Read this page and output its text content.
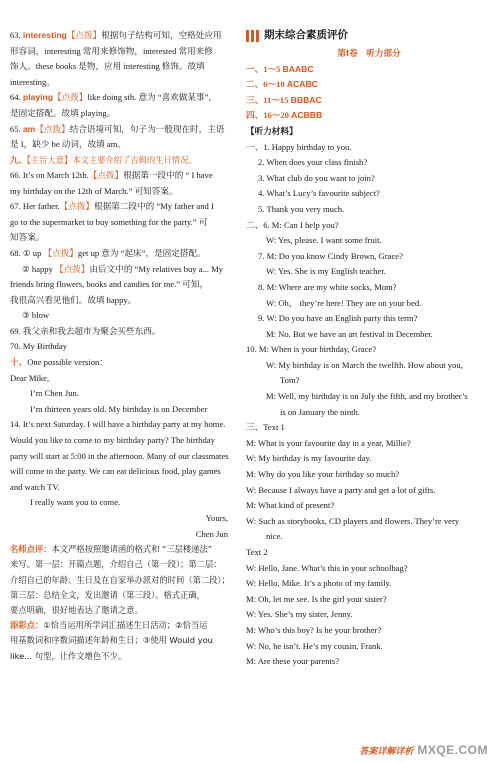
63. interesting【点拨】根据句子结构可知，空格处应用

形容词，interesting 常用来修饰物，interested 常用来修

饰人。these books 是物，应用 interesting 修饰。故填

interesting。

64. playing【点拨】like doing sth. 意为 “喜欢做某事”，

是固定搭配。故填 playing。

65. am【点拨】结合语境可知，句子为一般现在时，主语

是 I，缺少 be 动词，故填 am。

九、【主旨大意】本文主要介绍了吉姆的生日情况。

66. It’s on March 12th.【点拨】根据第一段中的 “ I have

my birthday on the 12th of March.” 可知答案。

67. Her father.【点拨】根据第二段中的 “My father and I

go to the supermarket to buy something for the party.” 可

知答案。

68. ① up 【点拨】get up 意为 “起床”，是固定搭配。

② happy 【点拨】由后文中的 “My relatives buy a... My

friends bring flowers, books and candies for me.” 可知，

我很高兴看见他们。故填 happy。

③ blow

69. 我父亲和我去超市为聚会买些东西。

70. My Birthday

十、One possible version：

Dear Mike,

I’m Chen Jun.

I’m thirteen years old. My birthday is on December

14. It’s next Saturday. I will have a birthday party at my home.

Would you like to come to my birthday party? The birthday

party will start at 5:00 in the afternoon. Many of our classmates

will come to the party. We can eat delicious food, play games

and watch TV.

I really want you to come.

Yours,

Chen Jun

名师点评：本文严格按照邀请函的格式和 “三层楼递法”

来写。第一层：开篇点题，介绍自己（第一段）；第二层：

介绍自己的年龄、生日及在自家举办派对的时间（第二段）；

第三层：总结全文，发出邀请（第三段）。格式正确，

要点明确，很好地表达了邀请之意。

添彩点：①恰当运用所学词汇描述生日活动；②恰当运

用基数词和序数词描述年龄和生日；③使用 Would you

like... 句型，让作文增色不少。

期末综合素质评价

第Ⅰ卷　听力部分

一、1～5 BAABC

二、6～10 ACABC

三、11～15 BBBAC

四、16～20 ACBBB

【听力材料】

一、1. Happy birthday to you.

2. When does your class finish?

3. What club do you want to join?

4. What’s Lucy’s favourite subject?

5. Thank you very much.

二、6. M: Can I help you?

W: Yes, please. I want some fruit.

7. M: Do you know Cindy Brown, Grace?

W: Yes. She is my English teacher.

8. M: Where are my white socks, Mom?

W: Oh， they’re here! They are on your bed.

9. W: Do you have an English party this term?

M: No. But we have an art festival in December.

10. M: When is your birthday, Grace?

W: My birthday is on March the twelfth. How about you,

Tom?

M: Well, my birthday is on July the fifth, and my brother’s

is on January the ninth.

三、Text 1

M: What is your favourite day in a year, Millie?

W: My birthday is my favourite day.

M: Why do you like your birthday so much?

W: Because I always have a party and get a lot of gifts.

M: What kind of present?

W: Such as storybooks, CD players and flowers. They’re very

nice.

Text 2

W: Hello, Jane. What’s this in your schoolbag?

W: Hello, Mike. It’s a photo of my family.

M: Oh, let me see. Is the girl your sister?

W: Yes. She’s my sister, Jenny.

M: Who’s this boy? Is he your brother?

W: No, he isn’t. He’s my cousin, Frank.

M: Are these your parents?

答案详解详析 MXQE.COM
